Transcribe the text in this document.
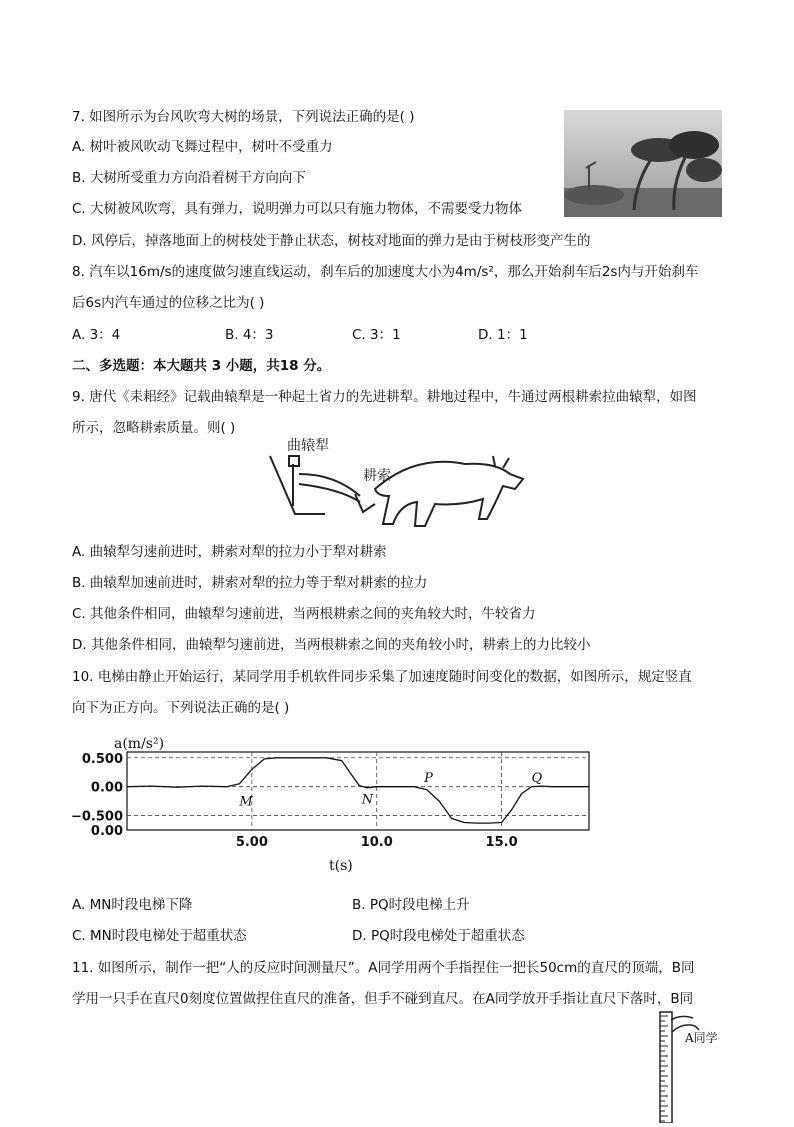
7. 如图所示为台风吹弯大树的场景，下列说法正确的是( )
A. 树叶被风吹动飞舞过程中，树叶不受重力
B. 大树所受重力方向沿着树干方向向下
C. 大树被风吹弯，具有弹力，说明弹力可以只有施力物体，不需要受力物体
D. 风停后，掉落地面上的树枝处于静止状态，树枝对地面的弹力是由于树枝形变产生的
8. 汽车以16m/s的速度做匀速直线运动，刹车后的加速度大小为4m/s²，那么开始刹车后2s内与开始刹车
后6s内汽车通过的位移之比为( )
A. 3：4	B. 4：3	C. 3：1	D. 1：1
二、多选题：本大题共 3 小题，共18 分。
9. 唐代《耒耜经》记载曲辕犁是一种起土省力的先进耕犁。耕地过程中，牛通过两根耕索拉曲辕犁，如图
所示，忽略耕索质量。则( )
曲辕犁
耕索
A. 曲辕犁匀速前进时，耕索对犁的拉力小于犁对耕索
B. 曲辕犁加速前进时，耕索对犁的拉力等于犁对耕索的拉力
C. 其他条件相同，曲辕犁匀速前进，当两根耕索之间的夹角较大时，牛较省力
D. 其他条件相同，曲辕犁匀速前进，当两根耕索之间的夹角较小时，耕索上的力比较小
10. 电梯由静止开始运行，某同学用手机软件同步采集了加速度随时间变化的数据，如图所示，规定竖直
向下为正方向。下列说法正确的是( )
a(m/s²)
t(s)
0.500
0.00
−0.500
0.00
5.00	10.0	15.0
M	N
P	Q
A. MN时段电梯下降	B. PQ时段电梯上升
C. MN时段电梯处于超重状态	D. PQ时段电梯处于超重状态
11. 如图所示，制作一把“人的反应时间测量尺”。A同学用两个手指捏住一把长50cm的直尺的顶端，B同
学用一只手在直尺0刻度位置做捏住直尺的准备，但手不碰到直尺。在A同学放开手指让直尺下落时，B同
A同学
